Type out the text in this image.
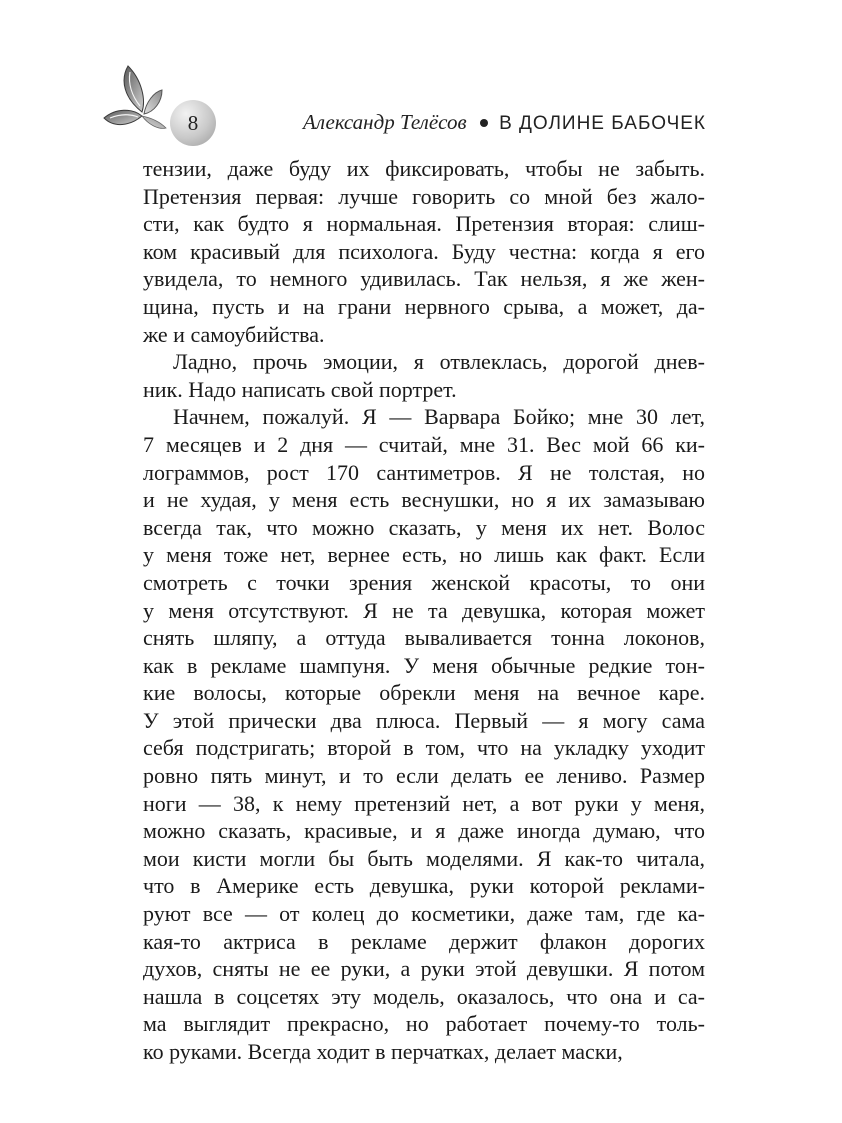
8	Александр Телёсов В ДОЛИНЕ БАБОЧЕК

тензии, даже буду их фиксировать, чтобы не забыть.
Претензия первая: лучше говорить со мной без жало-
сти, как будто я нормальная. Претензия вторая: слиш-
ком красивый для психолога. Буду честна: когда я его
увидела, то немного удивилась. Так нельзя, я же жен-
щина, пусть и на грани нервного срыва, а может, да-
же и самоубийства.

Ладно, прочь эмоции, я отвлеклась, дорогой днев-
ник. Надо написать свой портрет.

Начнем, пожалуй. Я — Варвара Бойко; мне 30 лет,
7 месяцев и 2 дня — считай, мне 31. Вес мой 66 ки-
лограммов, рост 170 сантиметров. Я не толстая, но
и не худая, у меня есть веснушки, но я их замазываю
всегда так, что можно сказать, у меня их нет. Волос
у меня тоже нет, вернее есть, но лишь как факт. Если
смотреть с точки зрения женской красоты, то они
у меня отсутствуют. Я не та девушка, которая может
снять шляпу, а оттуда вываливается тонна локонов,
как в рекламе шампуня. У меня обычные редкие тон-
кие волосы, которые обрекли меня на вечное каре.
У этой прически два плюса. Первый — я могу сама
себя подстригать; второй в том, что на укладку уходит
ровно пять минут, и то если делать ее лениво. Размер
ноги — 38, к нему претензий нет, а вот руки у меня,
можно сказать, красивые, и я даже иногда думаю, что
мои кисти могли бы быть моделями. Я как-то читала,
что в Америке есть девушка, руки которой реклами-
руют все — от колец до косметики, даже там, где ка-
кая-то актриса в рекламе держит флакон дорогих
духов, сняты не ее руки, а руки этой девушки. Я потом
нашла в соцсетях эту модель, оказалось, что она и са-
ма выглядит прекрасно, но работает почему-то толь-
ко руками. Всегда ходит в перчатках, делает маски,
